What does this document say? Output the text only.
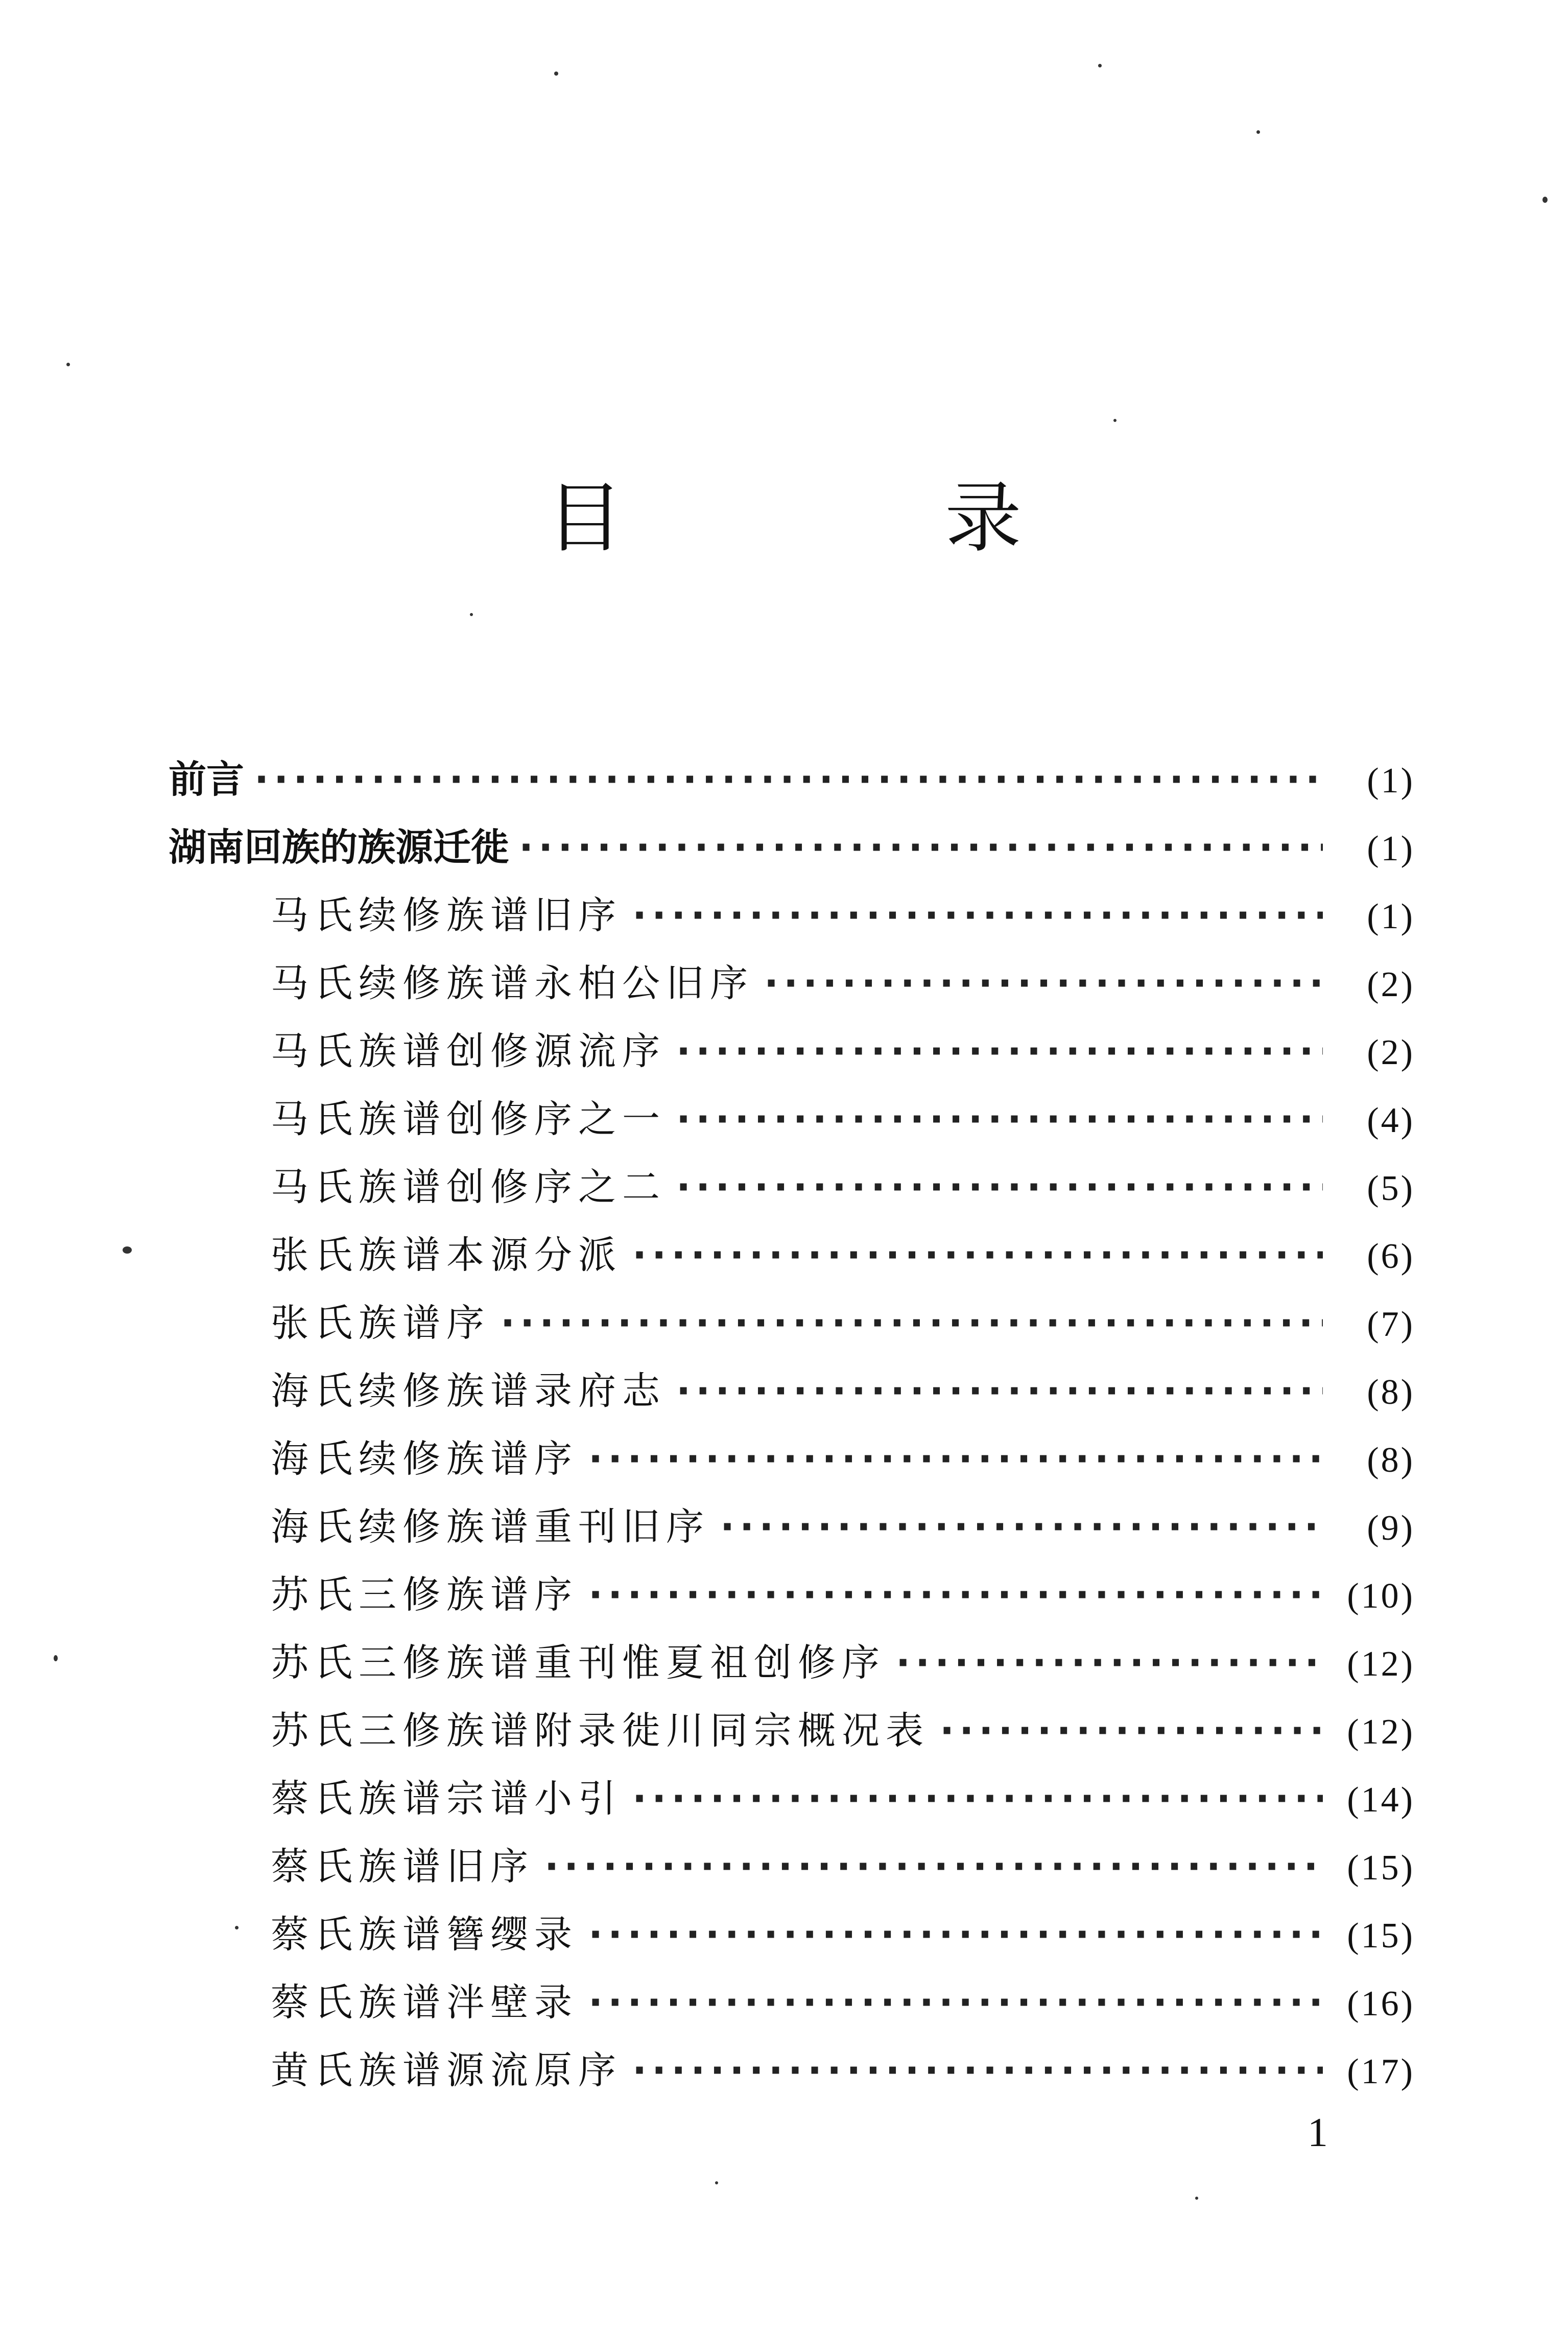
目　录
前言 ·····	(1)
湖南回族的族源迁徙 ·····	(1)
马氏续修族谱旧序 ·····	(1)
马氏续修族谱永柏公旧序 ·····	(2)
马氏族谱创修源流序 ·····	(2)
马氏族谱创修序之一 ·····	(4)
马氏族谱创修序之二 ·····	(5)
张氏族谱本源分派 ·····	(6)
张氏族谱序 ·····	(7)
海氏续修族谱录府志 ·····	(8)
海氏续修族谱序 ·····	(8)
海氏续修族谱重刊旧序 ·····	(9)
苏氏三修族谱序 ·····	(10)
苏氏三修族谱重刊惟夏祖创修序 ·····	(12)
苏氏三修族谱附录徙川同宗概况表 ·····	(12)
蔡氏族谱宗谱小引 ·····	(14)
蔡氏族谱旧序 ·····	(15)
蔡氏族谱簪缨录 ·····	(15)
蔡氏族谱泮壁录 ·····	(16)
黄氏族谱源流原序 ·····	(17)
1
